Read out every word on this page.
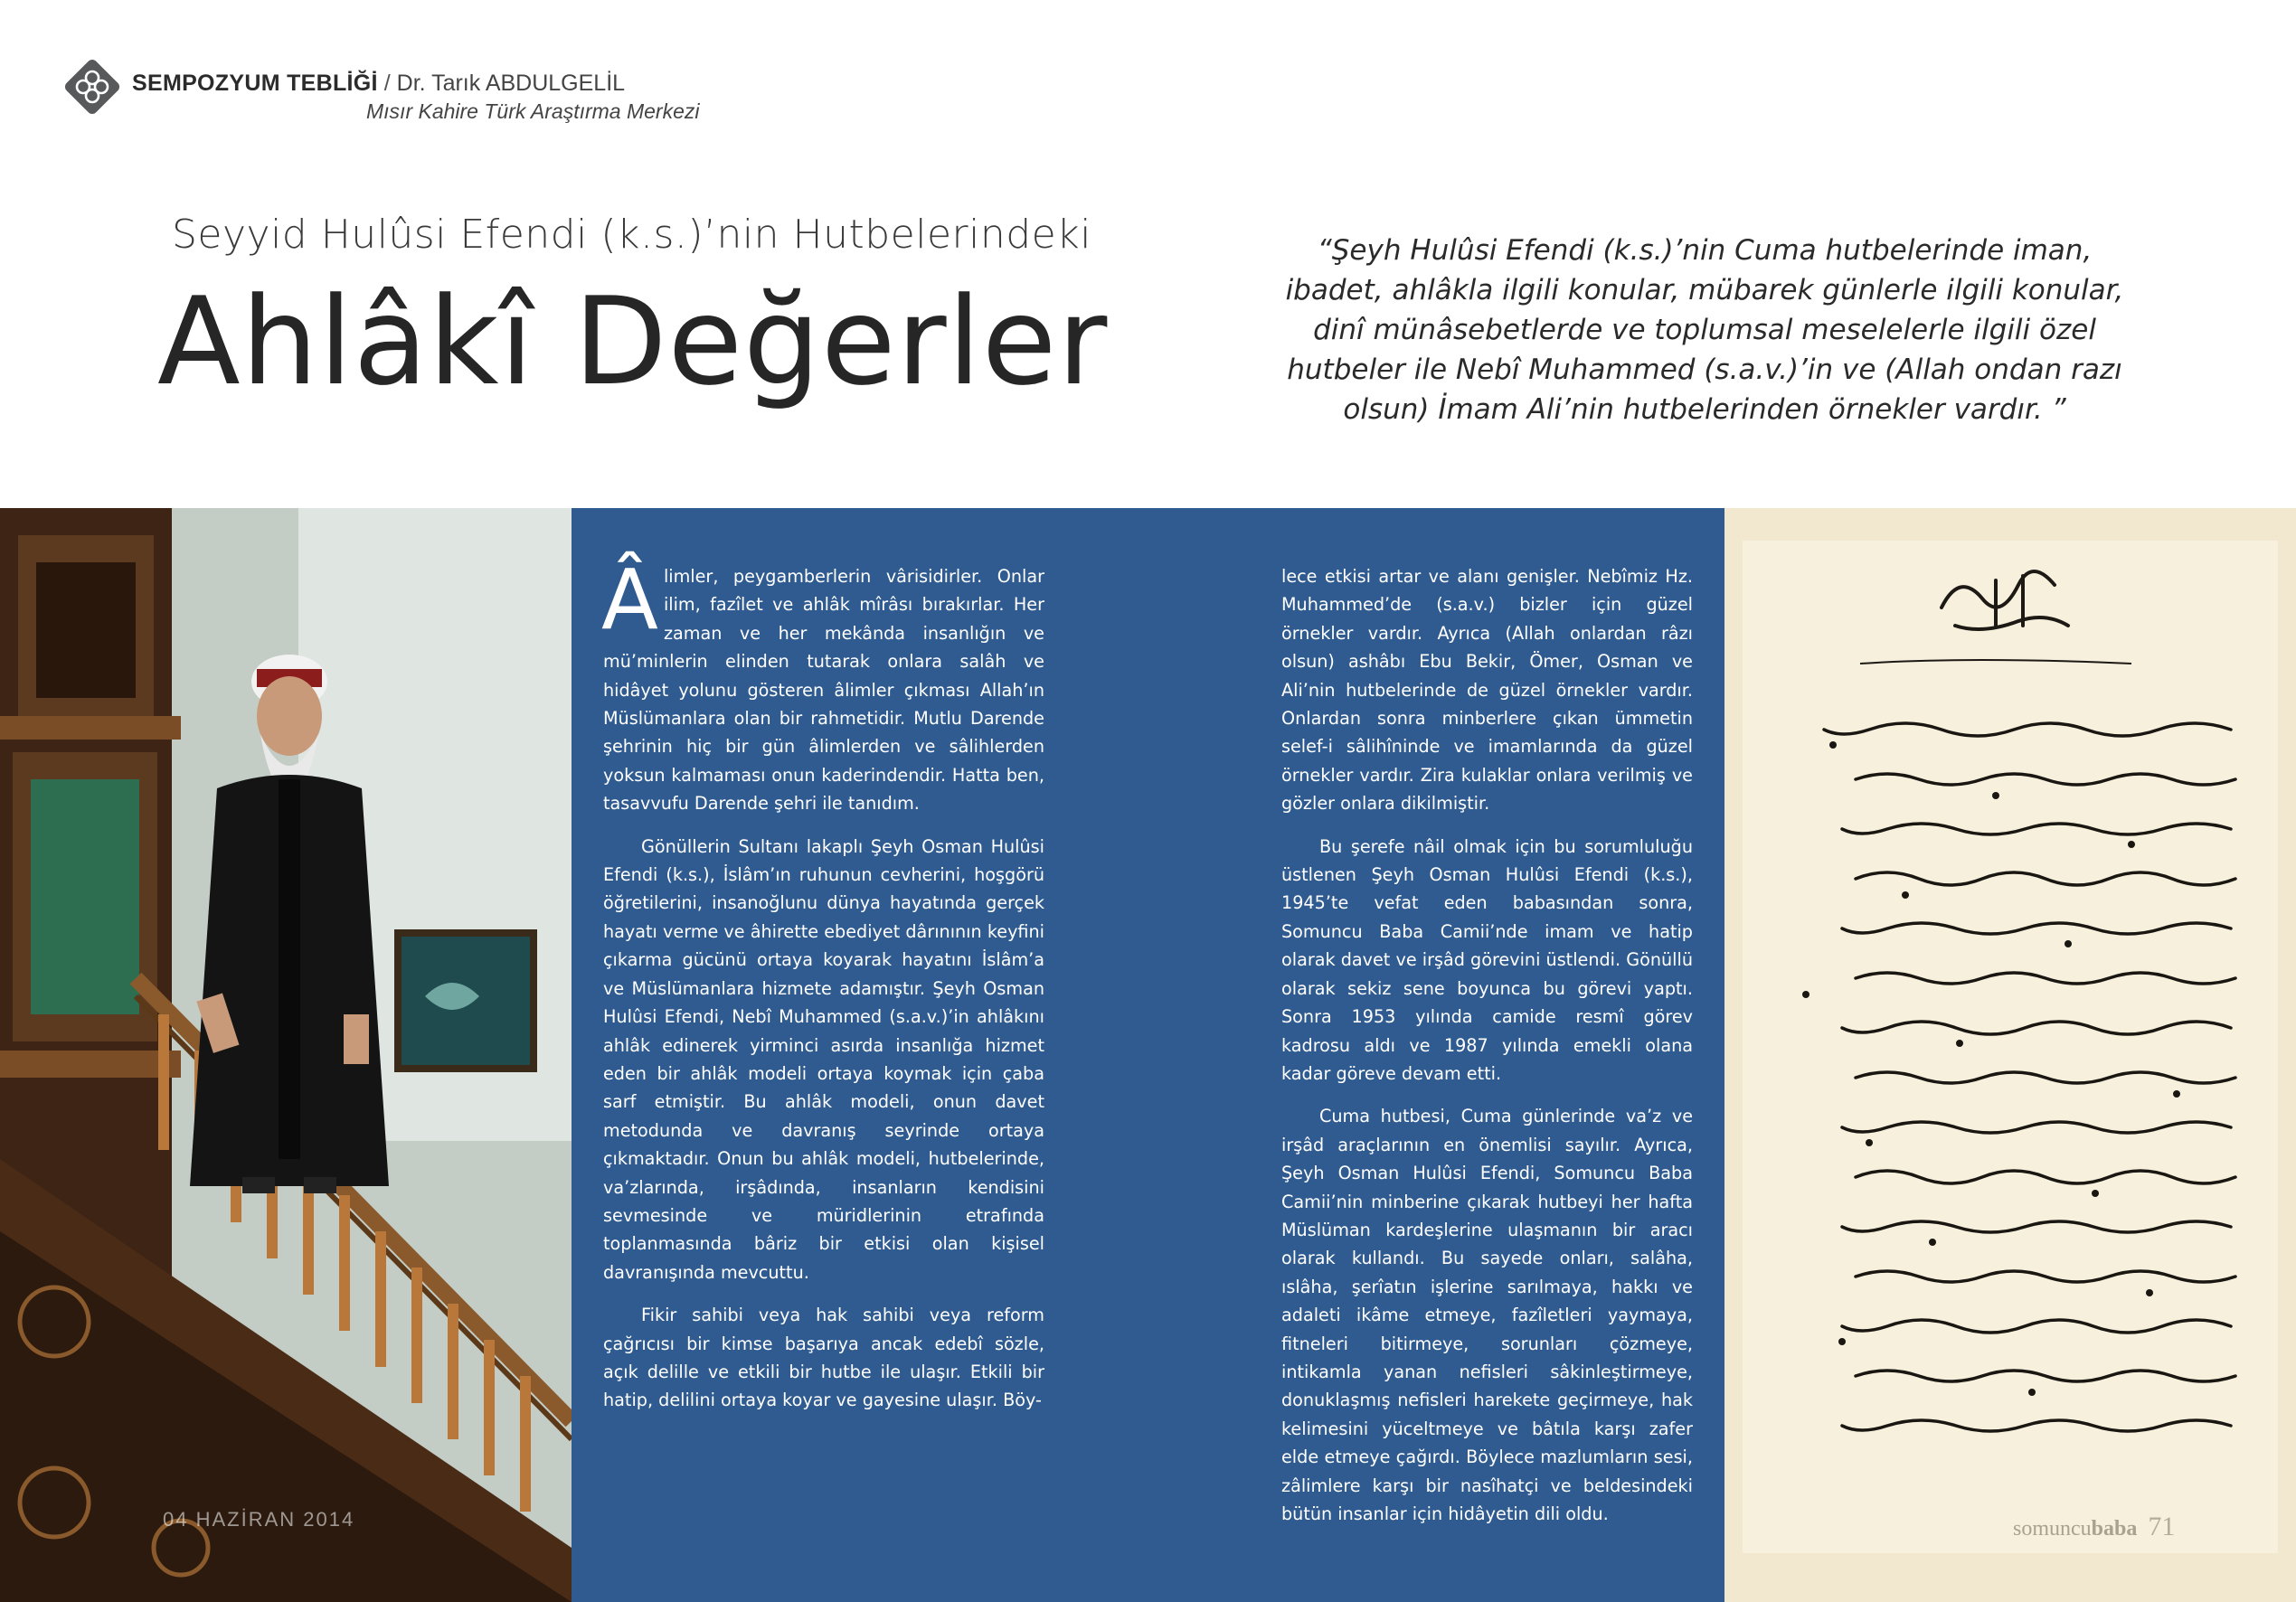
SEMPOZYUM TEBLİĞİ / Dr. Tarık ABDULGELİL
Mısır Kahire Türk Araştırma Merkezi
Seyyid Hulûsi Efendi (k.s.)’nin Hutbelerindeki
Ahlâkî Değerler
“Şeyh Hulûsi Efendi (k.s.)’nin Cuma hutbelerinde iman, ibadet, ahlâkla ilgili konular, mübarek günlerle ilgili konular, dinî münâsebetlerde ve toplumsal meselelerle ilgili özel hutbeler ile Nebî Muhammed (s.a.v.)’in ve (Allah ondan razı olsun) İmam Ali’nin hutbelerinden örnekler vardır. ”
04 HAZİRAN 2014

Âlimler, peygamberlerin vârisidirler. Onlar ilim, fazîlet ve ahlâk mîrâsı bırakırlar. Her zaman ve her mekânda insanlığın ve mü’minlerin elinden tutarak onlara salâh ve hidâyet yolunu gösteren âlimler çıkması Allah’ın Müslümanlara olan bir rahmetidir. Mutlu Darende şehrinin hiç bir gün âlimlerden ve sâlihlerden yoksun kalmaması onun kaderindendir. Hatta ben, tasavvufu Darende şehri ile tanıdım.

Gönüllerin Sultanı lakaplı Şeyh Osman Hulûsi Efendi (k.s.), İslâm’ın ruhunun cevherini, hoşgörü öğretilerini, insanoğlunu dünya hayatında gerçek hayatı verme ve âhirette ebediyet dârınının keyfini çıkarma gücünü ortaya koyarak hayatını İslâm’a ve Müslümanlara hizmete adamıştır. Şeyh Osman Hulûsi Efendi, Nebî Muhammed (s.a.v.)’in ahlâkını ahlâk edinerek yirminci asırda insanlığa hizmet eden bir ahlâk modeli ortaya koymak için çaba sarf etmiştir. Bu ahlâk modeli, onun davet metodunda ve davranış seyrinde ortaya çıkmaktadır. Onun bu ahlâk modeli, hutbelerinde, va’zlarında, irşâdında, insanların kendisini sevmesinde ve müridlerinin etrafında toplanmasında bâriz bir etkisi olan kişisel davranışında mevcuttu.

Fikir sahibi veya hak sahibi veya reform çağrıcısı bir kimse başarıya ancak edebî sözle, açık delille ve etkili bir hutbe ile ulaşır. Etkili bir hatip, delilini ortaya koyar ve gayesine ulaşır. Böy-

lece etkisi artar ve alanı genişler. Nebîmiz Hz. Muhammed’de (s.a.v.) bizler için güzel örnekler vardır. Ayrıca (Allah onlardan râzı olsun) ashâbı Ebu Bekir, Ömer, Osman ve Ali’nin hutbelerinde de güzel örnekler vardır. Onlardan sonra minberlere çıkan ümmetin selef-i sâlihîninde ve imamlarında da güzel örnekler vardır. Zira kulaklar onlara verilmiş ve gözler onlara dikilmiştir.

Bu şerefe nâil olmak için bu sorumluluğu üstlenen Şeyh Osman Hulûsi Efendi (k.s.), 1945’te vefat eden babasından sonra, Somuncu Baba Camii’nde imam ve hatip olarak davet ve irşâd görevini üstlendi. Gönüllü olarak sekiz sene boyunca bu görevi yaptı. Sonra 1953 yılında camide resmî görev kadrosu aldı ve 1987 yılında emekli olana kadar göreve devam etti.

Cuma hutbesi, Cuma günlerinde va’z ve irşâd araçlarının en önemlisi sayılır. Ayrıca, Şeyh Osman Hulûsi Efendi, Somuncu Baba Camii’nin minberine çıkarak hutbeyi her hafta Müslüman kardeşlerine ulaşmanın bir aracı olarak kullandı. Bu sayede onları, salâha, ıslâha, şerîatın işlerine sarılmaya, hakkı ve adaleti ikâme etmeye, fazîletleri yaymaya, fitneleri bitirmeye, sorunları çözmeye, intikamla yanan nefisleri sâkinleştirmeye, donuklaşmış nefisleri harekete geçirmeye, hak kelimesini yüceltmeye ve bâtıla karşı zafer elde etmeye çağırdı. Böylece mazlumların sesi, zâlimlere karşı bir nasîhatçi ve beldesindeki bütün insanlar için hidâyetin dili oldu.

somuncubaba 71
